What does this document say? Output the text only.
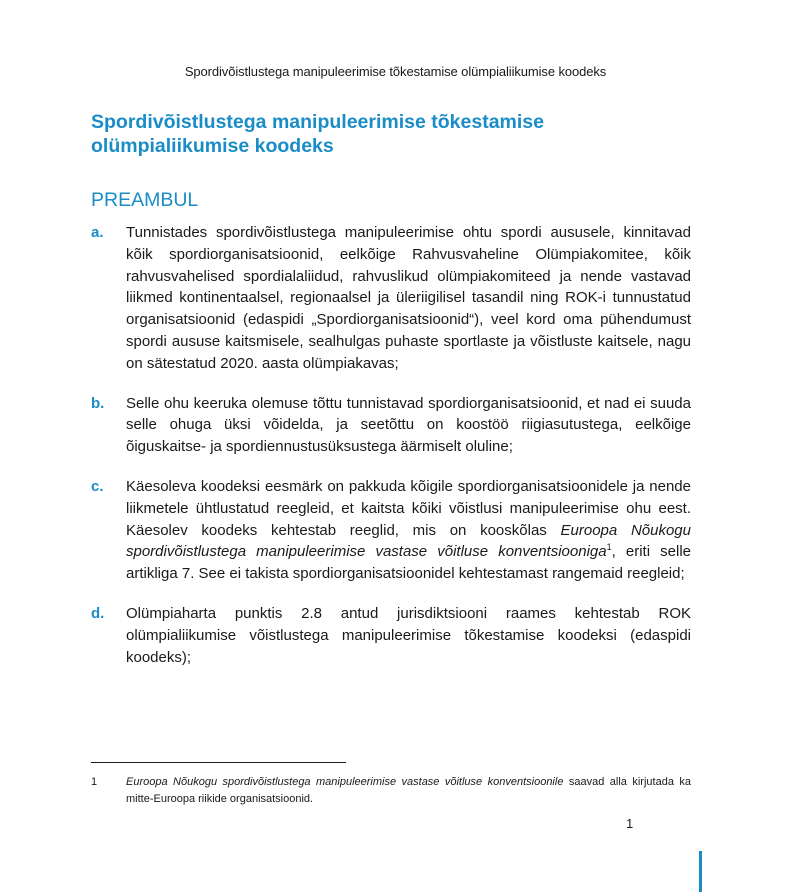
Spordivõistlustega manipuleerimise tõkestamise olümpialiikumise koodeks
Spordivõistlustega manipuleerimise tõkestamise
olümpialiikumise koodeks
PREAMBUL
a.	Tunnistades spordivõistlustega manipuleerimise ohtu spordi aususele, kinnitavad kõik spordiorganisatsioonid, eelkõige Rahvusvaheline Olümpiakomitee, kõik rahvusvahelised spordialaliidud, rahvuslikud olümpiakomiteed ja nende vastavad liikmed kontinentaalsel, regionaalsel ja üleriigilisel tasandil ning ROK-i tunnustatud organisatsioonid (edaspidi „Spordiorganisatsioonid“), veel kord oma pühendumust spordi aususe kaitsmisele, sealhulgas puhaste sportlaste ja võistluste kaitsele, nagu on sätestatud 2020. aasta olümpiakavas;
b.	Selle ohu keeruka olemuse tõttu tunnistavad spordiorganisatsioonid, et nad ei suuda selle ohuga üksi võidelda, ja seetõttu on koostöö riigiasutustega, eelkõige õiguskaitse- ja spordiennustusüksustega äärmiselt oluline;
c.	Käesoleva koodeksi eesmärk on pakkuda kõigile spordiorganisatsioonidele ja nende liikmetele ühtlustatud reegleid, et kaitsta kõiki võistlusi manipuleerimise ohu eest. Käesolev koodeks kehtestab reeglid, mis on kooskõlas Euroopa Nõukogu spordivõistlustega manipuleerimise vastase võitluse konventsiooniga$^1$, eriti selle artikliga 7. See ei takista spordiorganisatsioonidel kehtestamast rangemaid reegleid;
d.	Olümpiaharta punktis 2.8 antud jurisdiktsiooni raames kehtestab ROK olümpialiikumise võistlustega manipuleerimise tõkestamise koodeksi (edaspidi koodeks);
1	Euroopa Nõukogu spordivõistlustega manipuleerimise vastase võitluse konventsioonile saavad alla kirjutada ka mitte-Euroopa riikide organisatsioonid.
1
